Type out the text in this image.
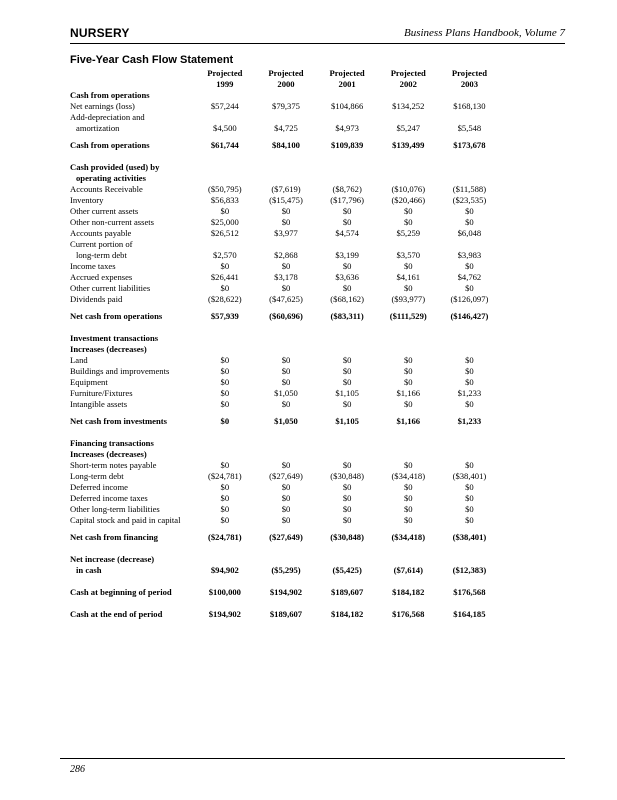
NURSERY	Business Plans Handbook, Volume 7
Five-Year Cash Flow Statement
	Projected	Projected	Projected	Projected	Projected
	1999	2000	2001	2002	2003
Cash from operations					
Net earnings (loss)	$57,244	$79,375	$104,866	$134,252	$168,130
Add-depreciation and					
amortization	$4,500	$4,725	$4,973	$5,247	$5,548

Cash from operations	$61,744	$84,100	$109,839	$139,499	$173,678

Cash provided (used) by					
operating activities					
Accounts Receivable	($50,795)	($7,619)	($8,762)	($10,076)	($11,588)
Inventory	$56,833	($15,475)	($17,796)	($20,466)	($23,535)
Other current assets	$0	$0	$0	$0	$0
Other non-current assets	$25,000	$0	$0	$0	$0
Accounts payable	$26,512	$3,977	$4,574	$5,259	$6,048
Current portion of					
long-term debt	$2,570	$2,868	$3,199	$3,570	$3,983
Income taxes	$0	$0	$0	$0	$0
Accrued expenses	$26,441	$3,178	$3,636	$4,161	$4,762
Other current liabilities	$0	$0	$0	$0	$0
Dividends paid	($28,622)	($47,625)	($68,162)	($93,977)	($126,097)

Net cash from operations	$57,939	($60,696)	($83,311)	($111,529)	($146,427)

Investment transactions					
Increases (decreases)					
Land	$0	$0	$0	$0	$0
Buildings and improvements	$0	$0	$0	$0	$0
Equipment	$0	$0	$0	$0	$0
Furniture/Fixtures	$0	$1,050	$1,105	$1,166	$1,233
Intangible assets	$0	$0	$0	$0	$0

Net cash from investments	$0	$1,050	$1,105	$1,166	$1,233

Financing transactions					
Increases (decreases)					
Short-term notes payable	$0	$0	$0	$0	$0
Long-term debt	($24,781)	($27,649)	($30,848)	($34,418)	($38,401)
Deferred income	$0	$0	$0	$0	$0
Deferred income taxes	$0	$0	$0	$0	$0
Other long-term liabilities	$0	$0	$0	$0	$0
Capital stock and paid in capital	$0	$0	$0	$0	$0

Net cash from financing	($24,781)	($27,649)	($30,848)	($34,418)	($38,401)

Net increase (decrease)					
in cash	$94,902	($5,295)	($5,425)	($7,614)	($12,383)

Cash at beginning of period	$100,000	$194,902	$189,607	$184,182	$176,568

Cash at the end of period	$194,902	$189,607	$184,182	$176,568	$164,185
286
